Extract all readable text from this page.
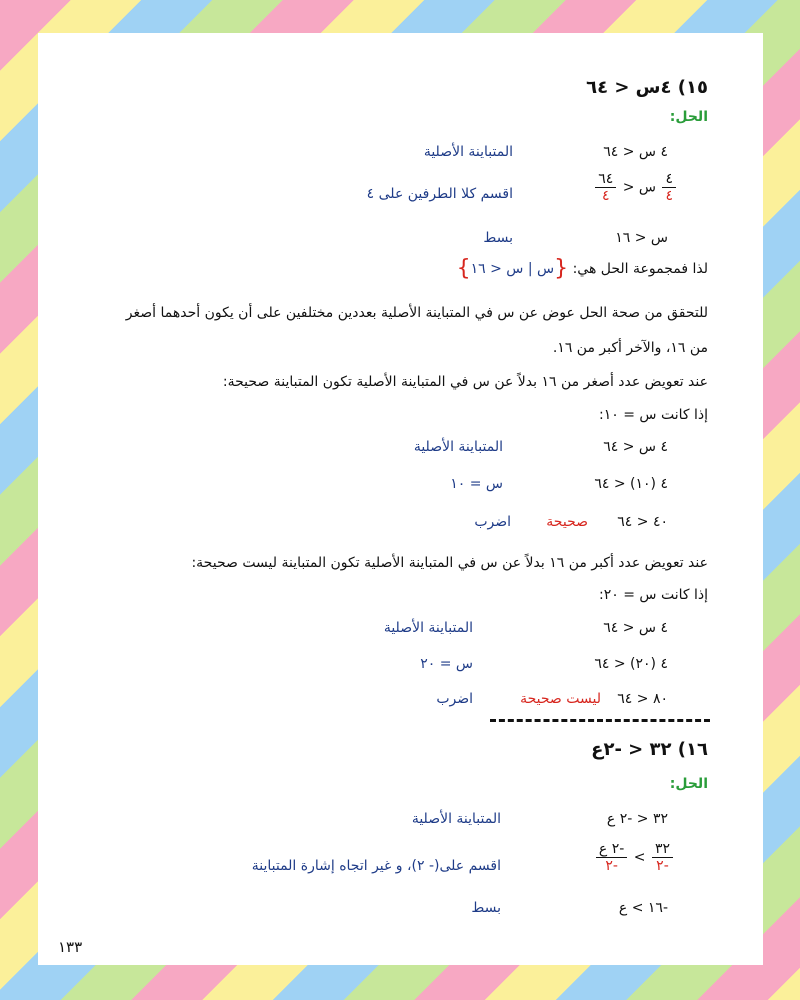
١٥) ٤س < ٦٤
الحل:
٤ س < ٦٤
المتباينة الأصلية
$\frac{٤}{٤}$
س <
$\frac{٦٤}{٤}$
اقسم كلا الطرفين على ٤
س < ١٦
بسط
لذا فمجموعة الحل هي: {س | س < ١٦}
للتحقق من صحة الحل عوض عن س في المتباينة الأصلية بعددين مختلفين على أن يكون أحدهما أصغر
من ١٦، والآخر أكبر من ١٦.
عند تعويض عدد أصغر من ١٦ بدلاً عن س في المتباينة الأصلية تكون المتباينة صحيحة:
إذا كانت س = ١٠:
٤ س < ٦٤
المتباينة الأصلية
٤ (١٠) < ٦٤
س = ١٠
٤٠ < ٦٤
صحيحة
اضرب
عند تعويض عدد أكبر من ١٦ بدلاً عن س في المتباينة الأصلية تكون المتباينة ليست صحيحة:
إذا كانت س = ٢٠:
٤ س < ٦٤
المتباينة الأصلية
٤ (٢٠) < ٦٤
س = ٢٠
٨٠ < ٦٤
ليست صحيحة
اضرب
١٦) ٣٢ < -٢ع
الحل:
٣٢ < -٢ ع
المتباينة الأصلية
$\frac{٣٢}{-٢}$
>
$\frac{\text{-٢ ع}}{-٢}$
اقسم على(- ٢)، و غير اتجاه إشارة المتباينة
-١٦ > ع
بسط
١٣٣
